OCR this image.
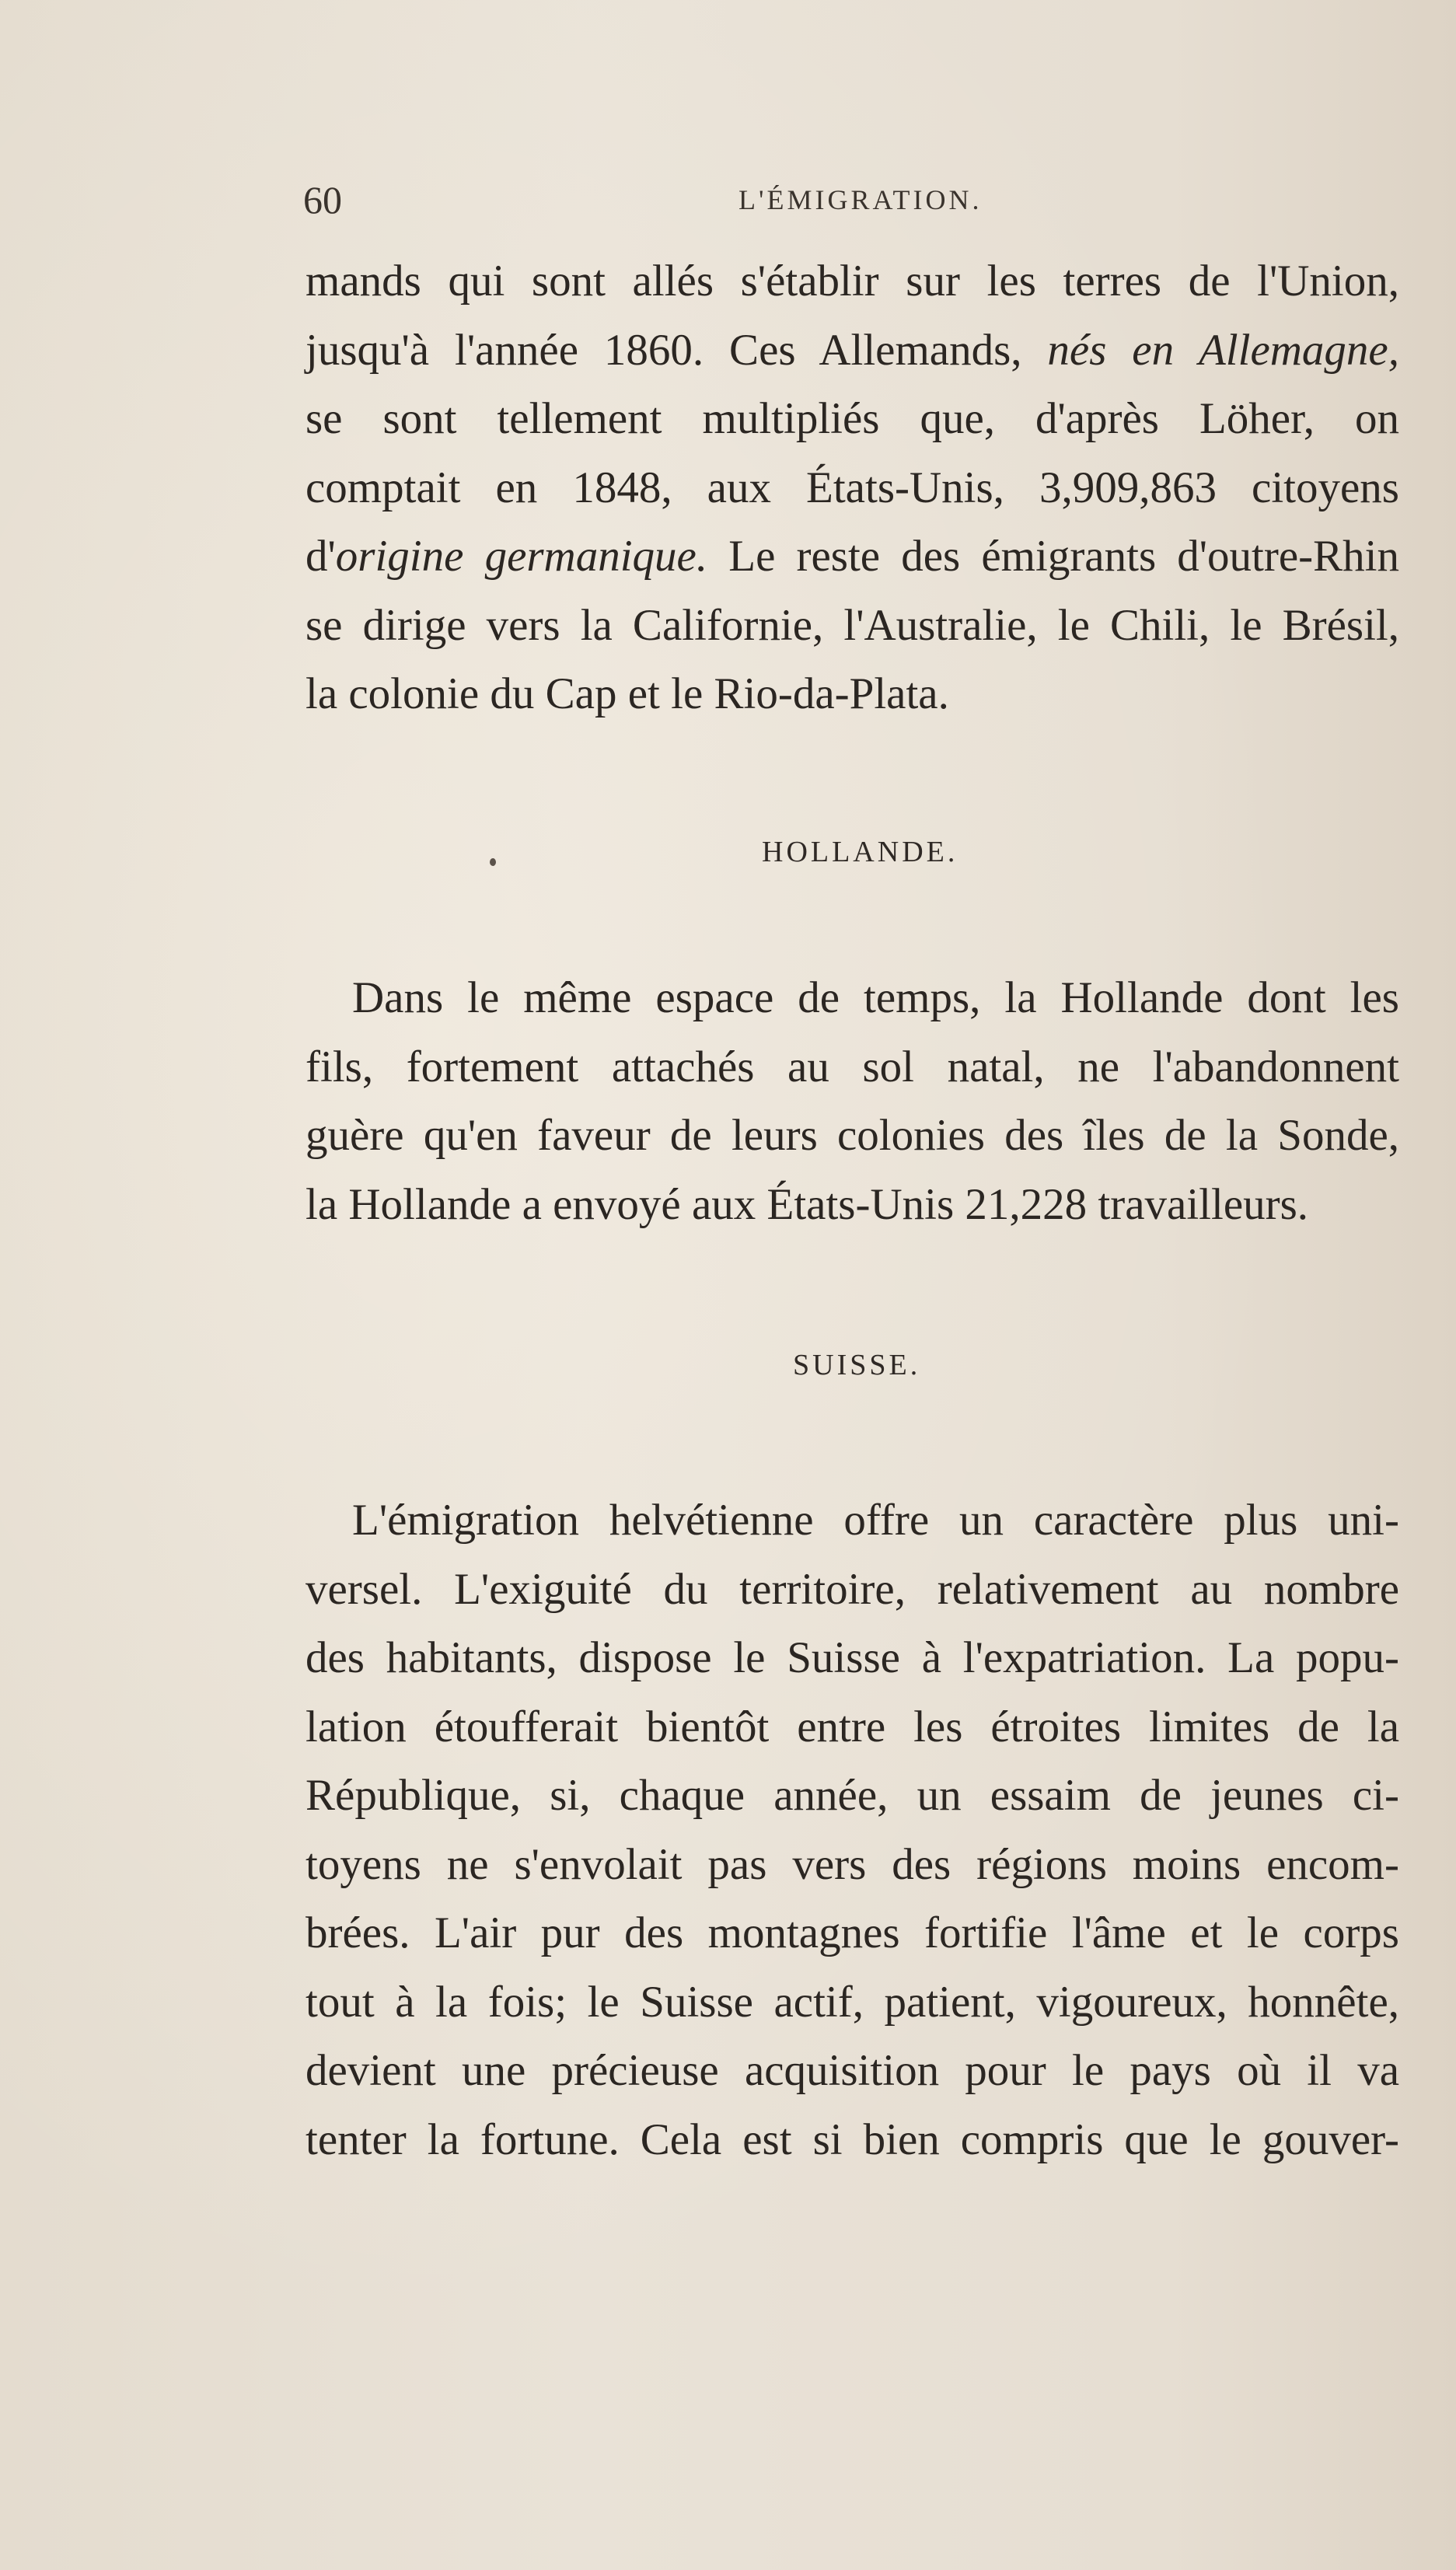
60	L'ÉMIGRATION.
mands qui sont allés s'établir sur les terres de l'Union,
jusqu'à l'année 1860. Ces Allemands, nés en Allemagne,
se sont tellement multipliés que, d'après Löher, on
comptait en 1848, aux États-Unis, 3,909,863 citoyens
d'origine germanique. Le reste des émigrants d'outre-Rhin
se dirige vers la Californie, l'Australie, le Chili, le Brésil,
la colonie du Cap et le Rio-da-Plata.
HOLLANDE.
Dans le même espace de temps, la Hollande dont les
fils, fortement attachés au sol natal, ne l'abandonnent
guère qu'en faveur de leurs colonies des îles de la Sonde,
la Hollande a envoyé aux États-Unis 21,228 travailleurs.
SUISSE.
L'émigration helvétienne offre un caractère plus uni-
versel. L'exiguité du territoire, relativement au nombre
des habitants, dispose le Suisse à l'expatriation. La popu-
lation étoufferait bientôt entre les étroites limites de la
République, si, chaque année, un essaim de jeunes ci-
toyens ne s'envolait pas vers des régions moins encom-
brées. L'air pur des montagnes fortifie l'âme et le corps
tout à la fois; le Suisse actif, patient, vigoureux, honnête,
devient une précieuse acquisition pour le pays où il va
tenter la fortune. Cela est si bien compris que le gouver-
